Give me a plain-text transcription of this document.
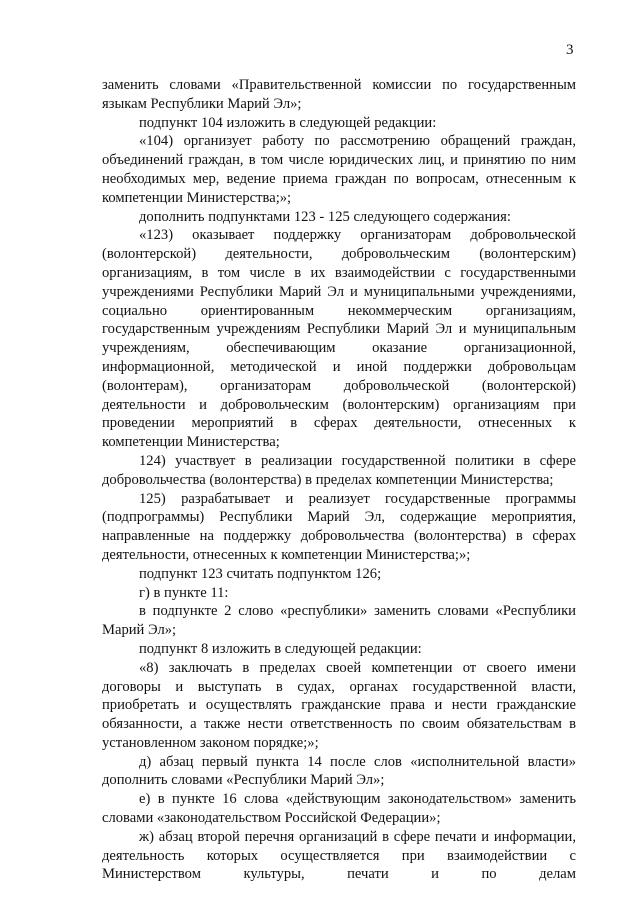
3

заменить словами «Правительственной комиссии по государственным языкам Республики Марий Эл»;

подпункт 104 изложить в следующей редакции:

«104) организует работу по рассмотрению обращений граждан, объединений граждан, в том числе юридических лиц, и принятию по ним необходимых мер, ведение приема граждан по вопросам, отнесенным к компетенции Министерства;»;

дополнить подпунктами 123 - 125 следующего содержания:

«123) оказывает поддержку организаторам добровольческой (волонтерской) деятельности, добровольческим (волонтерским) организациям, в том числе в их взаимодействии с государственными учреждениями Республики Марий Эл и муниципальными учреждениями, социально ориентированным некоммерческим организациям, государственным учреждениям Республики Марий Эл и муниципальным учреждениям, обеспечивающим оказание организационной, информационной, методической и иной поддержки добровольцам (волонтерам), организаторам добровольческой (волонтерской) деятельности и добровольческим (волонтерским) организациям при проведении мероприятий в сферах деятельности, отнесенных к компетенции Министерства;

124) участвует в реализации государственной политики в сфере добровольчества (волонтерства) в пределах компетенции Министерства;

125) разрабатывает и реализует государственные программы (подпрограммы) Республики Марий Эл, содержащие мероприятия, направленные на поддержку добровольчества (волонтерства) в сферах деятельности, отнесенных к компетенции Министерства;»;

подпункт 123 считать подпунктом 126;

г) в пункте 11:

в подпункте 2 слово «республики» заменить словами «Республики Марий Эл»;

подпункт 8 изложить в следующей редакции:

«8) заключать в пределах своей компетенции от своего имени договоры и выступать в судах, органах государственной власти, приобретать и осуществлять гражданские права и нести гражданские обязанности, а также нести ответственность по своим обязательствам в установленном законом порядке;»;

д) абзац первый пункта 14 после слов «исполнительной власти» дополнить словами «Республики Марий Эл»;

е) в пункте 16 слова «действующим законодательством» заменить словами «законодательством Российской Федерации»;

ж) абзац второй перечня организаций в сфере печати и информации, деятельность которых осуществляется при взаимодействии с Министерством культуры, печати и по делам
